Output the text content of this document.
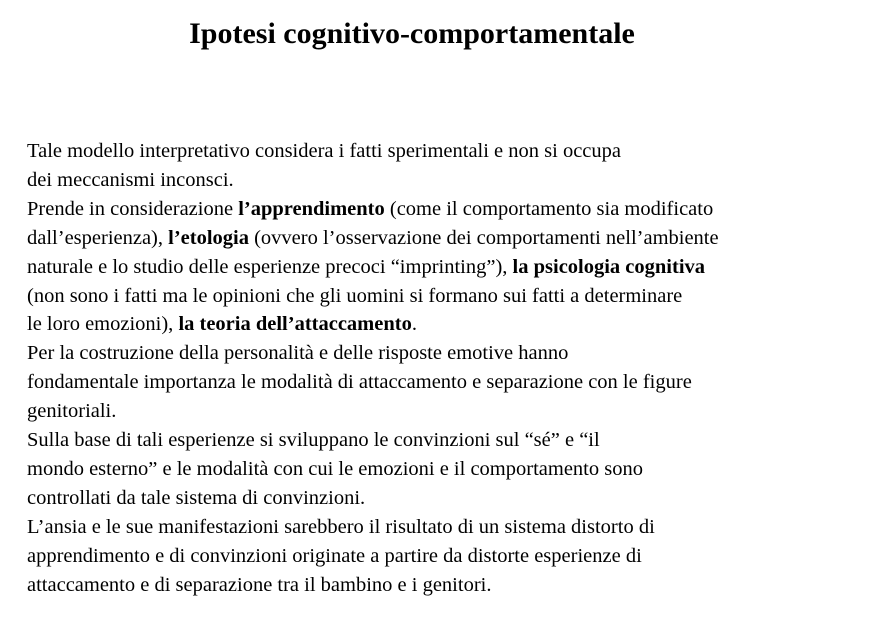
Ipotesi cognitivo-comportamentale
Tale modello interpretativo considera i fatti sperimentali e non si occupa
dei meccanismi inconsci.
Prende in considerazione l’apprendimento (come il comportamento sia modificato
dall’esperienza), l’etologia (ovvero l’osservazione dei comportamenti nell’ambiente
naturale e lo studio delle esperienze precoci “imprinting”), la psicologia cognitiva
(non sono i fatti ma le opinioni che gli uomini si formano sui fatti a determinare
le loro emozioni), la teoria dell’attaccamento.
Per la costruzione della personalità e delle risposte emotive hanno
fondamentale importanza le modalità di attaccamento e separazione con le figure
genitoriali.
Sulla base di tali esperienze si sviluppano le convinzioni sul “sé” e “il
mondo esterno” e le modalità con cui le emozioni e il comportamento sono
controllati da tale sistema di convinzioni.
L’ansia e le sue manifestazioni sarebbero il risultato di un sistema distorto di
apprendimento e di convinzioni originate a partire da distorte esperienze di
attaccamento e di separazione tra il bambino e i genitori.
